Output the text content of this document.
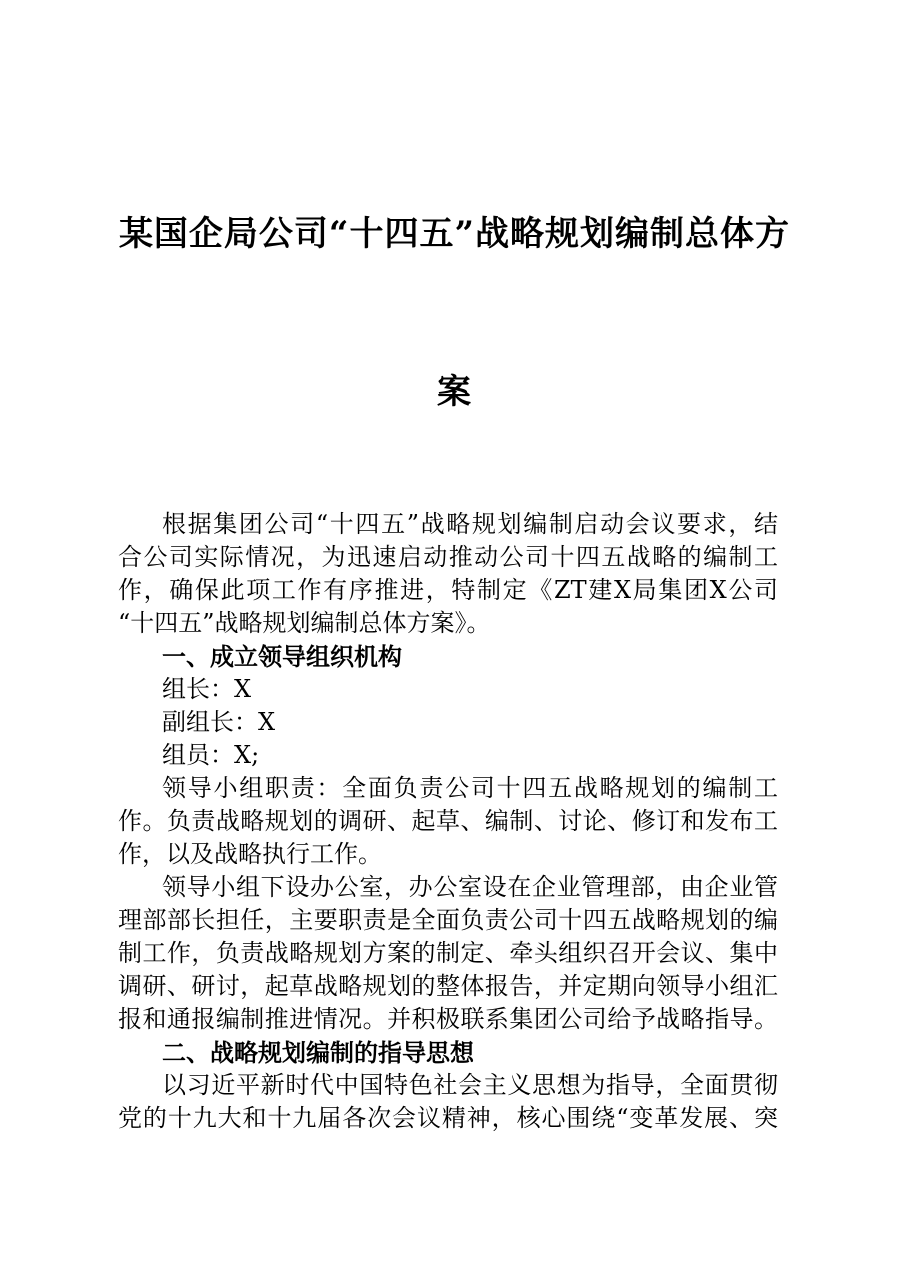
某国企局公司“十四五”战略规划编制总体方
案
根据集团公司“十四五”战略规划编制启动会议要求，结
合公司实际情况，为迅速启动推动公司十四五战略的编制工
作，确保此项工作有序推进，特制定《ZT建X局集团X公司
“十四五”战略规划编制总体方案》。
一、成立领导组织机构
组长：X
副组长：X
组员：X;
领导小组职责：全面负责公司十四五战略规划的编制工
作。负责战略规划的调研、起草、编制、讨论、修订和发布工
作，以及战略执行工作。
领导小组下设办公室，办公室设在企业管理部，由企业管
理部部长担任，主要职责是全面负责公司十四五战略规划的编
制工作，负责战略规划方案的制定、牵头组织召开会议、集中
调研、研讨，起草战略规划的整体报告，并定期向领导小组汇
报和通报编制推进情况。并积极联系集团公司给予战略指导。
二、战略规划编制的指导思想
以习近平新时代中国特色社会主义思想为指导，全面贯彻
党的十九大和十九届各次会议精神，核心围绕“变革发展、突
